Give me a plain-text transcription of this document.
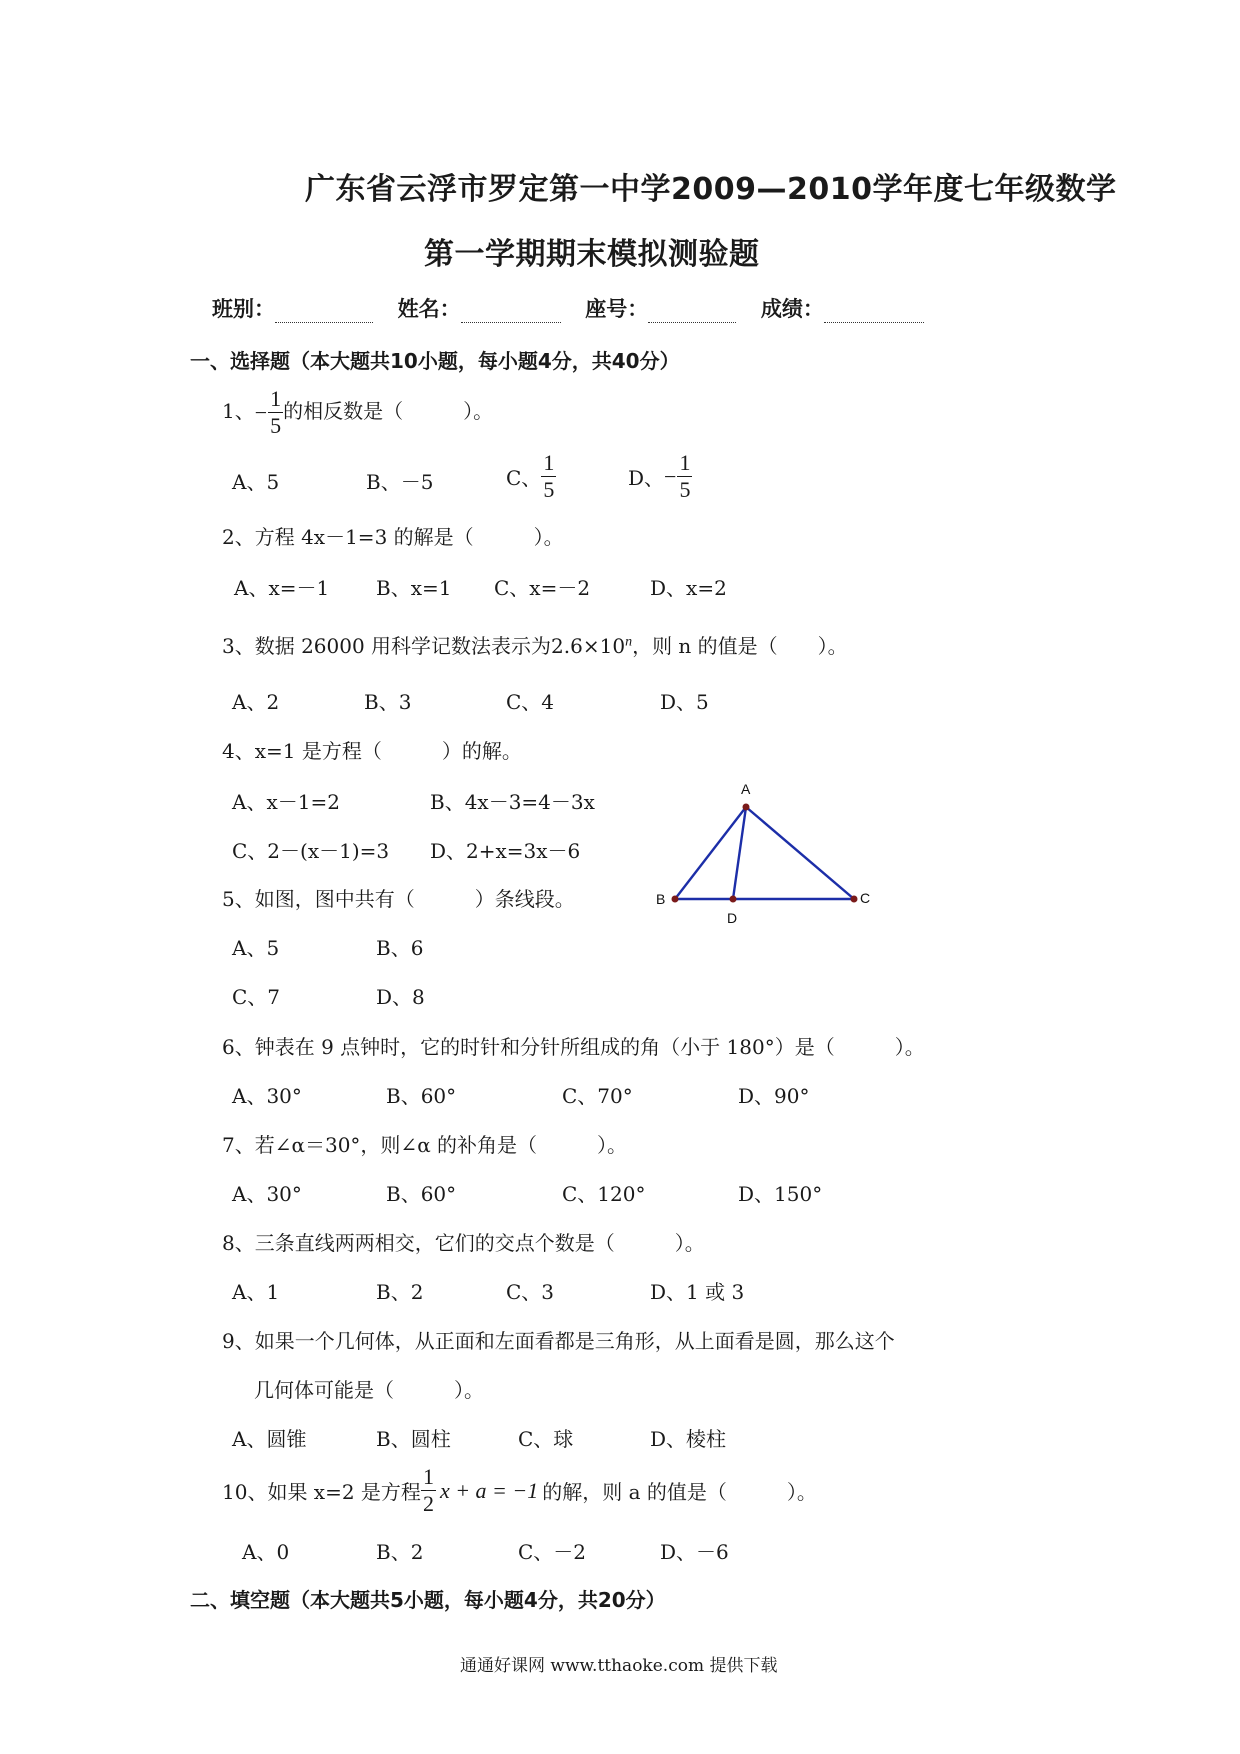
广东省云浮市罗定第一中学2009—2010学年度七年级数学
第一学期期末模拟测验题
班别：	姓名：	座号：	成绩：
一、选择题（本大题共10小题，每小题4分，共40分）
1、− $\frac{1}{5}$ 的相反数是（　　　）。
A、5	B、－5	C、 $\frac{1}{5}$	D、− $\frac{1}{5}$
2、方程 4x－1=3 的解是（　　　）。
A、x=－1 B、x=1 C、x=－2	D、x=2
3、数据 26000 用科学记数法表示为$2.6\times 10^n$，则 n 的值是（　　）。
A、2	B、3	C、4	D、5
4、x=1 是方程（　　　）的解。
A、x－1=2	B、4x－3=4－3x
C、2－(x－1)=3 D、2+x=3x－6
5、如图，图中共有（　　　）条线段。
A、5	B、6
C、7	D、8
A
B	C
D
6、钟表在 9 点钟时，它的时针和分针所组成的角（小于 180°）是（　　　）。
A、30°	B、60°	C、70°	D、90°
7、若∠α＝30°，则∠α 的补角是（　　　）。
A、30°	B、60°	C、120°	D、150°
8、三条直线两两相交，它们的交点个数是（　　　）。
A、1	B、2	C、3	D、1 或 3
9、如果一个几何体，从正面和左面看都是三角形，从上面看是圆，那么这个
几何体可能是（　　　）。
A、圆锥	B、圆柱	C、球	D、棱柱
10、如果 x=2 是方程 $\frac{1}{2}$ x + a = −1 的解，则 a 的值是（　　　）。
A、0	B、2	C、－2	D、－6
二、填空题（本大题共5小题，每小题4分，共20分）
通通好课网 www.tthaoke.com 提供下载
